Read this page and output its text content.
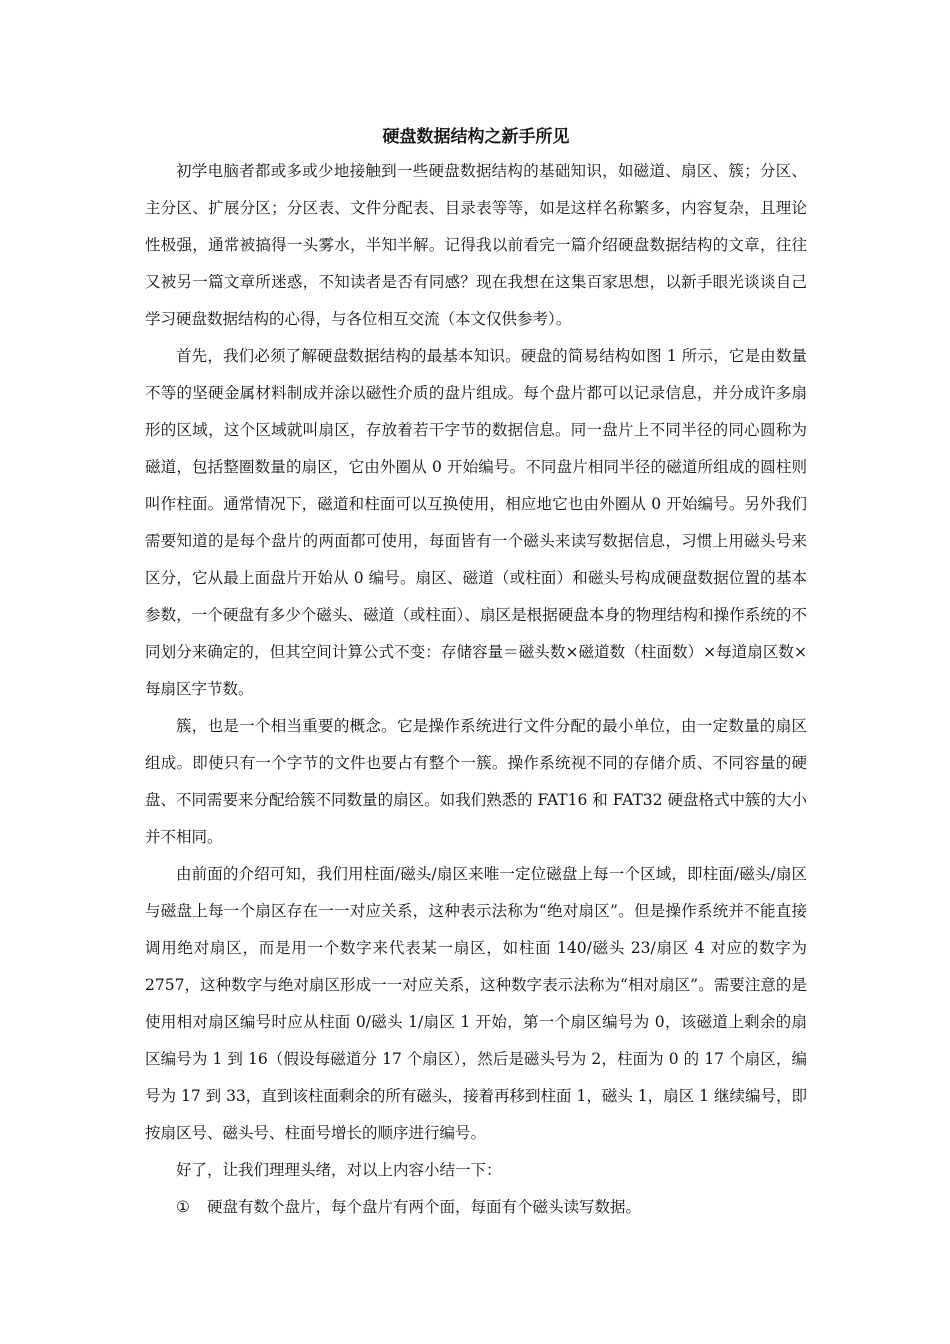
硬盘数据结构之新手所见

初学电脑者都或多或少地接触到一些硬盘数据结构的基础知识，如磁道、扇区、簇；分区、主分区、扩展分区；分区表、文件分配表、目录表等等，如是这样名称繁多，内容复杂，且理论性极强，通常被搞得一头雾水，半知半解。记得我以前看完一篇介绍硬盘数据结构的文章，往往又被另一篇文章所迷惑，不知读者是否有同感？现在我想在这集百家思想，以新手眼光谈谈自己学习硬盘数据结构的心得，与各位相互交流（本文仅供参考）。

首先，我们必须了解硬盘数据结构的最基本知识。硬盘的简易结构如图 1 所示，它是由数量不等的坚硬金属材料制成并涂以磁性介质的盘片组成。每个盘片都可以记录信息，并分成许多扇形的区域，这个区域就叫扇区，存放着若干字节的数据信息。同一盘片上不同半径的同心圆称为磁道，包括整圈数量的扇区，它由外圈从 0 开始编号。不同盘片相同半径的磁道所组成的圆柱则叫作柱面。通常情况下，磁道和柱面可以互换使用，相应地它也由外圈从 0 开始编号。另外我们需要知道的是每个盘片的两面都可使用，每面皆有一个磁头来读写数据信息，习惯上用磁头号来区分，它从最上面盘片开始从 0 编号。扇区、磁道（或柱面）和磁头号构成硬盘数据位置的基本参数，一个硬盘有多少个磁头、磁道（或柱面）、扇区是根据硬盘本身的物理结构和操作系统的不同划分来确定的，但其空间计算公式不变：存储容量＝磁头数×磁道数（柱面数）×每道扇区数×每扇区字节数。

簇，也是一个相当重要的概念。它是操作系统进行文件分配的最小单位，由一定数量的扇区组成。即使只有一个字节的文件也要占有整个一簇。操作系统视不同的存储介质、不同容量的硬盘、不同需要来分配给簇不同数量的扇区。如我们熟悉的 FAT16 和 FAT32 硬盘格式中簇的大小并不相同。

由前面的介绍可知，我们用柱面/磁头/扇区来唯一定位磁盘上每一个区域，即柱面/磁头/扇区与磁盘上每一个扇区存在一一对应关系，这种表示法称为“绝对扇区”。但是操作系统并不能直接调用绝对扇区，而是用一个数字来代表某一扇区，如柱面 140/磁头 23/扇区 4 对应的数字为 2757，这种数字与绝对扇区形成一一对应关系，这种数字表示法称为“相对扇区”。需要注意的是使用相对扇区编号时应从柱面 0/磁头 1/扇区 1 开始，第一个扇区编号为 0，该磁道上剩余的扇区编号为 1 到 16（假设每磁道分 17 个扇区），然后是磁头号为 2，柱面为 0 的 17 个扇区，编号为 17 到 33，直到该柱面剩余的所有磁头，接着再移到柱面 1，磁头 1，扇区 1 继续编号，即按扇区号、磁头号、柱面号增长的顺序进行编号。

好了，让我们理理头绪，对以上内容小结一下：

①	硬盘有数个盘片，每个盘片有两个面，每面有个磁头读写数据。
